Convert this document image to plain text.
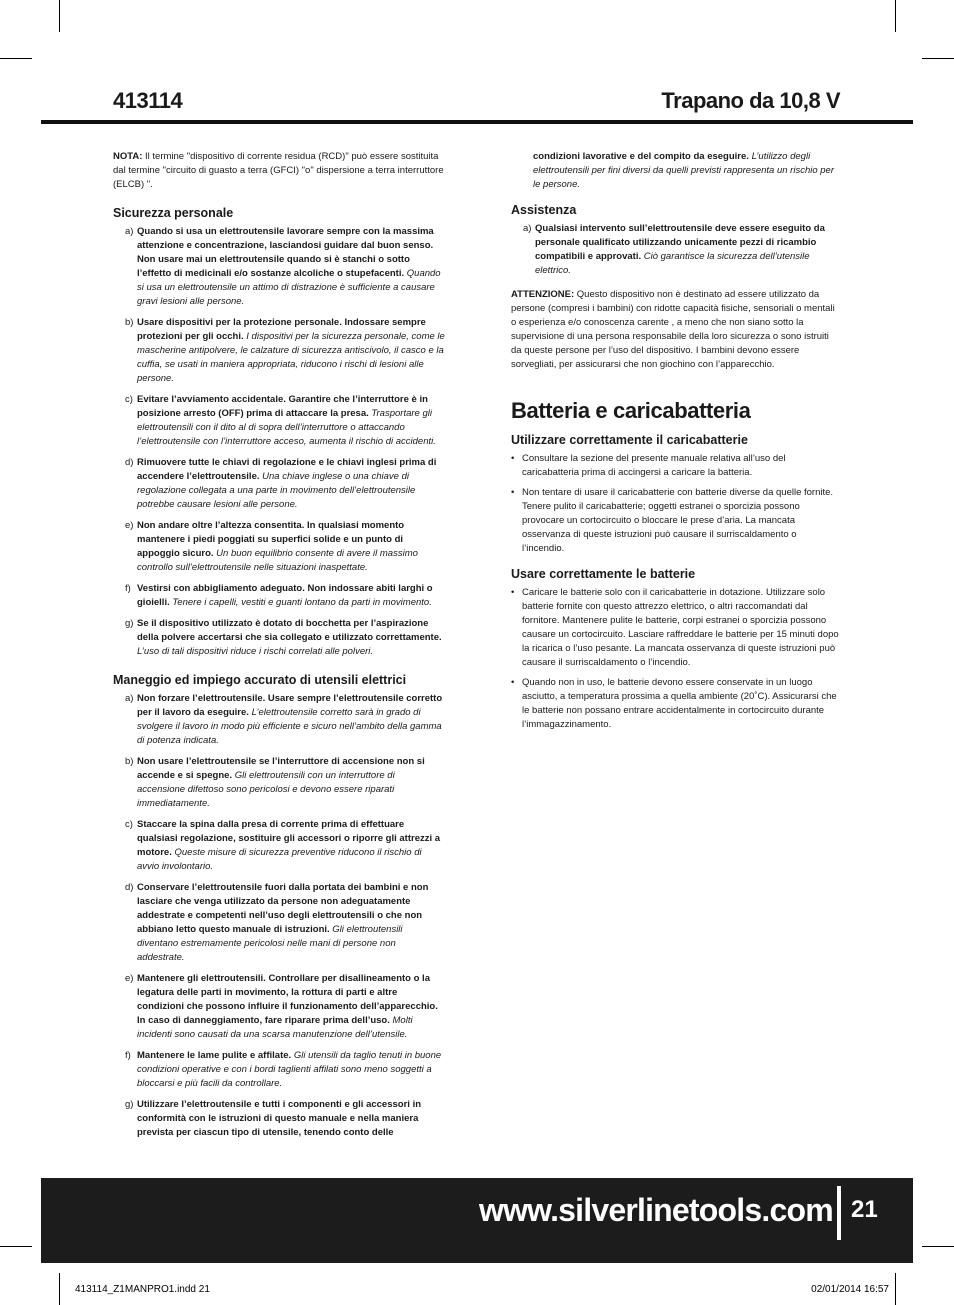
413114	Trapano da 10,8 V

NOTA: Il termine "dispositivo di corrente residua (RCD)" può essere sostituita dal termine "circuito di guasto a terra (GFCI) "o" dispersione a terra interruttore (ELCB) ".

Sicurezza personale
a) Quando si usa un elettroutensile lavorare sempre con la massima attenzione e concentrazione, lasciandosi guidare dal buon senso. Non usare mai un elettroutensile quando si è stanchi o sotto l’effetto di medicinali e/o sostanze alcoliche o stupefacenti. Quando si usa un elettroutensile un attimo di distrazione è sufficiente a causare gravi lesioni alle persone.
b) Usare dispositivi per la protezione personale. Indossare sempre protezioni per gli occhi. I dispositivi per la sicurezza personale, come le mascherine antipolvere, le calzature di sicurezza antiscivolo, il casco e la cuffia, se usati in maniera appropriata, riducono i rischi di lesioni alle persone.
c) Evitare l’avviamento accidentale. Garantire che l’interruttore è in posizione arresto (OFF) prima di attaccare la presa. Trasportare gli elettroutensili con il dito al di sopra dell’interruttore o attaccando l’elettroutensile con l’interruttore acceso, aumenta il rischio di accidenti.
d) Rimuovere tutte le chiavi di regolazione e le chiavi inglesi prima di accendere l’elettroutensile. Una chiave inglese o una chiave di regolazione collegata a una parte in movimento dell’elettroutensile potrebbe causare lesioni alle persone.
e) Non andare oltre l’altezza consentita. In qualsiasi momento mantenere i piedi poggiati su superfici solide e un punto di appoggio sicuro. Un buon equilibrio consente di avere il massimo controllo sull’elettroutensile nelle situazioni inaspettate.
f) Vestirsi con abbigliamento adeguato. Non indossare abiti larghi o gioielli. Tenere i capelli, vestiti e guanti lontano da parti in movimento.
g) Se il dispositivo utilizzato è dotato di bocchetta per l’aspirazione della polvere accertarsi che sia collegato e utilizzato correttamente. L’uso di tali dispositivi riduce i rischi correlati alle polveri.
Maneggio ed impiego accurato di utensili elettrici
a) Non forzare l’elettroutensile. Usare sempre l’elettroutensile corretto per il lavoro da eseguire. L’elettroutensile corretto sarà in grado di svolgere il lavoro in modo più efficiente e sicuro nell’ambito della gamma di potenza indicata.
b) Non usare l’elettroutensile se l’interruttore di accensione non si accende e si spegne. Gli elettroutensili con un interruttore di accensione difettoso sono pericolosi e devono essere riparati immediatamente.
c) Staccare la spina dalla presa di corrente prima di effettuare qualsiasi regolazione, sostituire gli accessori o riporre gli attrezzi a motore. Queste misure di sicurezza preventive riducono il rischio di avvio involontario.
d) Conservare l’elettroutensile fuori dalla portata dei bambini e non lasciare che venga utilizzato da persone non adeguatamente addestrate e competenti nell’uso degli elettroutensili o che non abbiano letto questo manuale di istruzioni. Gli elettroutensili diventano estremamente pericolosi nelle mani di persone non addestrate.
e) Mantenere gli elettroutensili. Controllare per disallineamento o la legatura delle parti in movimento, la rottura di parti e altre condizioni che possono influire il funzionamento dell’apparecchio. In caso di danneggiamento, fare riparare prima dell’uso. Molti incidenti sono causati da una scarsa manutenzione dell’utensile.
f) Mantenere le lame pulite e affilate. Gli utensili da taglio tenuti in buone condizioni operative e con i bordi taglienti affilati sono meno soggetti a bloccarsi e più facili da controllare.
g) Utilizzare l’elettroutensile e tutti i componenti e gli accessori in conformità con le istruzioni di questo manuale e nella maniera prevista per ciascun tipo di utensile, tenendo conto delle
condizioni lavorative e del compito da eseguire. L’utilizzo degli elettroutensili per fini diversi da quelli previsti rappresenta un rischio per le persone.
Assistenza
a) Qualsiasi intervento sull’elettroutensile deve essere eseguito da personale qualificato utilizzando unicamente pezzi di ricambio compatibili e approvati. Ciò garantisce la sicurezza dell’utensile elettrico.

ATTENZIONE: Questo dispositivo non è destinato ad essere utilizzato da persone (compresi i bambini) con ridotte capacità fisiche, sensoriali o mentali o esperienza e/o conoscenza carente , a meno che non siano sotto la supervisione di una persona responsabile della loro sicurezza o sono istruiti da queste persone per l’uso del dispositivo. I bambini devono essere sorvegliati, per assicurarsi che non giochino con l’apparecchio.

Batteria e caricabatteria
Utilizzare correttamente il caricabatterie
• Consultare la sezione del presente manuale relativa all’uso del caricabatteria prima di accingersi a caricare la batteria.
• Non tentare di usare il caricabatterie con batterie diverse da quelle fornite. Tenere pulito il caricabatterie; oggetti estranei o sporcizia possono provocare un cortocircuito o bloccare le prese d’aria. La mancata osservanza di queste istruzioni può causare il surriscaldamento o l’incendio.
Usare correttamente le batterie
• Caricare le batterie solo con il caricabatterie in dotazione. Utilizzare solo batterie fornite con questo attrezzo elettrico, o altri raccomandati dal fornitore. Mantenere pulite le batterie, corpi estranei o sporcizia possono causare un cortocircuito. Lasciare raffreddare le batterie per 15 minuti dopo la ricarica o l’uso pesante. La mancata osservanza di queste istruzioni può causare il surriscaldamento o l’incendio.
• Quando non in uso, le batterie devono essere conservate in un luogo asciutto, a temperatura prossima a quella ambiente (20˚C). Assicurarsi che le batterie non possano entrare accidentalmente in cortocircuito durante l’immagazzinamento.
www.silverlinetools.com 21
413114_Z1MANPRO1.indd 21	02/01/2014 16:57
